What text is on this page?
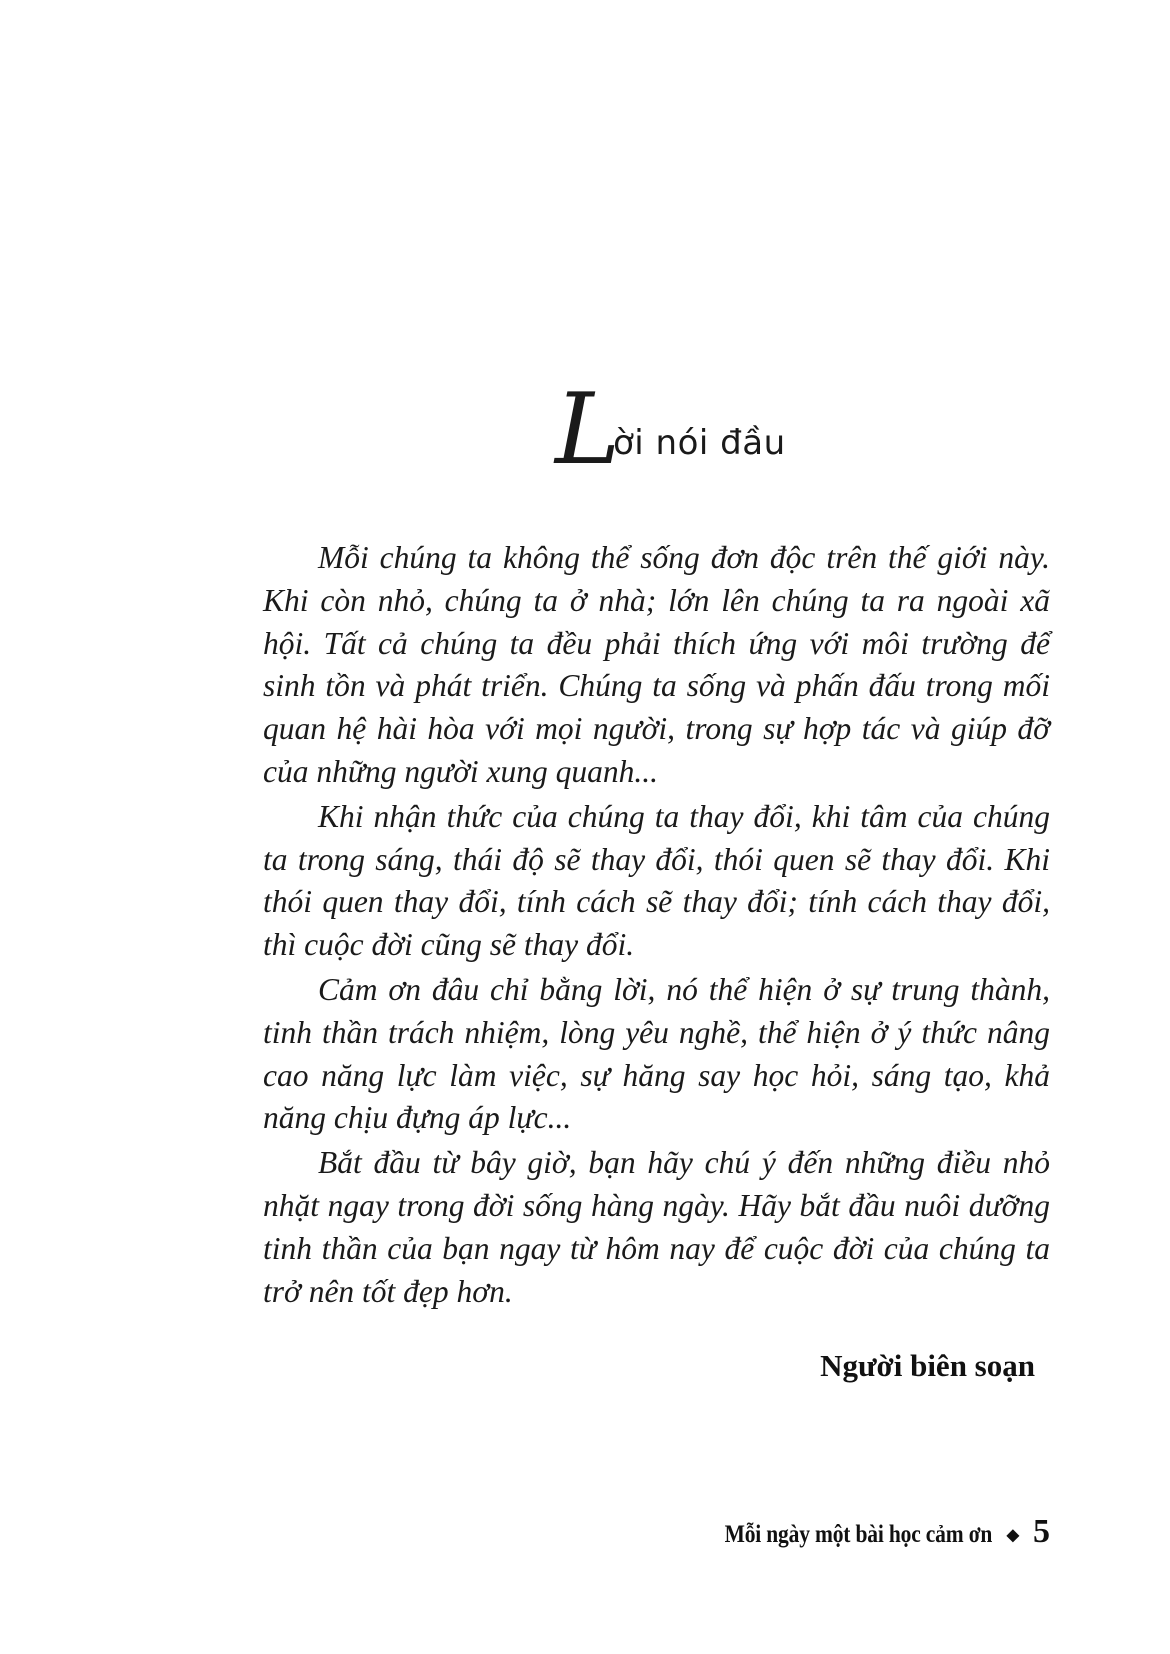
L
ời nói đầu

Mỗi chúng ta không thể sống đơn độc trên thế giới này. Khi còn nhỏ, chúng ta ở nhà; lớn lên chúng ta ra ngoài xã hội. Tất cả chúng ta đều phải thích ứng với môi trường để sinh tồn và phát triển. Chúng ta sống và phấn đấu trong mối quan hệ hài hòa với mọi người, trong sự hợp tác và giúp đỡ của những người xung quanh...

Khi nhận thức của chúng ta thay đổi, khi tâm của chúng ta trong sáng, thái độ sẽ thay đổi, thói quen sẽ thay đổi. Khi thói quen thay đổi, tính cách sẽ thay đổi; tính cách thay đổi, thì cuộc đời cũng sẽ thay đổi.

Cảm ơn đâu chỉ bằng lời, nó thể hiện ở sự trung thành, tinh thần trách nhiệm, lòng yêu nghề, thể hiện ở ý thức nâng cao năng lực làm việc, sự hăng say học hỏi, sáng tạo, khả năng chịu đựng áp lực...

Bắt đầu từ bây giờ, bạn hãy chú ý đến những điều nhỏ nhặt ngay trong đời sống hàng ngày. Hãy bắt đầu nuôi dưỡng tinh thần của bạn ngay từ hôm nay để cuộc đời của chúng ta trở nên tốt đẹp hơn.

Người biên soạn
Mỗi ngày một bài học cảm ơn ◆ 5
